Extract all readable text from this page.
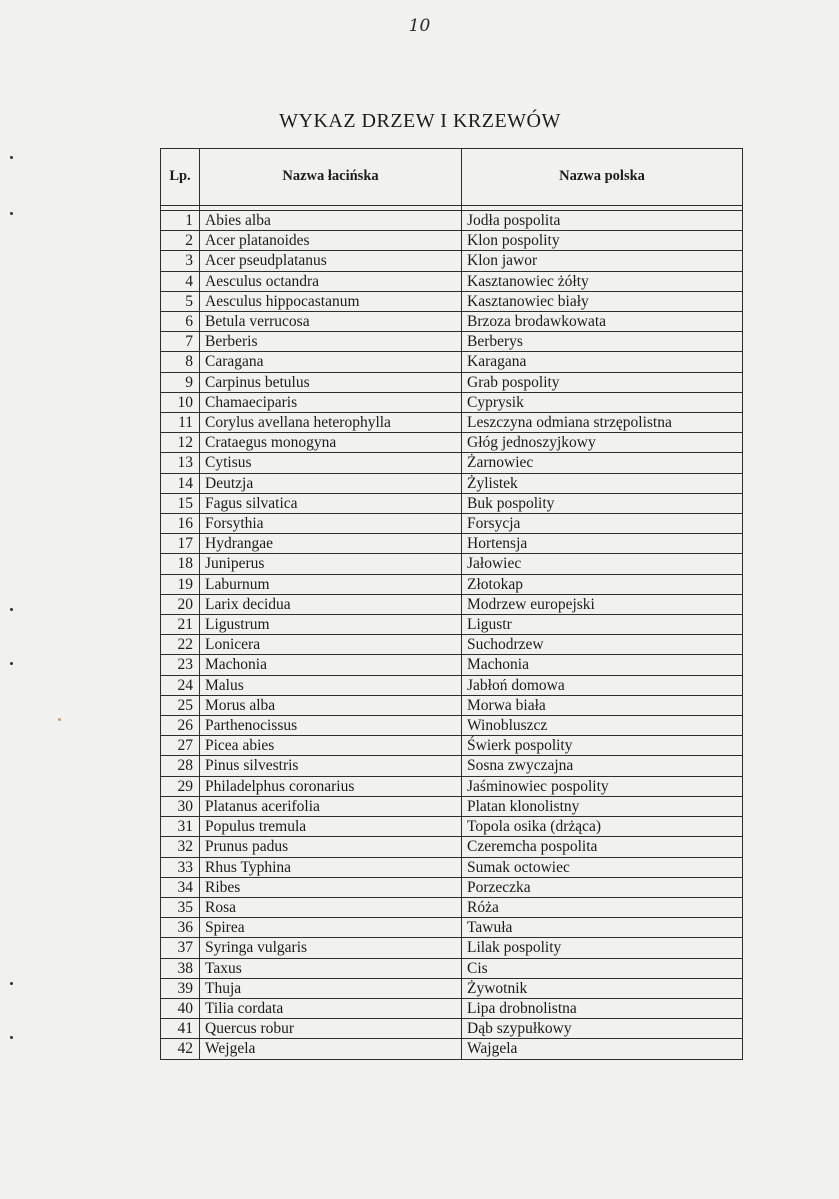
10
WYKAZ DRZEW I KRZEWÓW
Lp.	Nazwa łacińska	Nazwa polska

1	Abies alba	Jodła pospolita
2	Acer platanoides	Klon pospolity
3	Acer pseudplatanus	Klon jawor
4	Aesculus octandra	Kasztanowiec żółty
5	Aesculus hippocastanum	Kasztanowiec biały
6	Betula verrucosa	Brzoza brodawkowata
7	Berberis	Berberys
8	Caragana	Karagana
9	Carpinus betulus	Grab pospolity
10	Chamaeciparis	Cyprysik
11	Corylus avellana heterophylla	Leszczyna odmiana strzępolistna
12	Crataegus monogyna	Głóg jednoszyjkowy
13	Cytisus	Żarnowiec
14	Deutzja	Żylistek
15	Fagus silvatica	Buk pospolity
16	Forsythia	Forsycja
17	Hydrangae	Hortensja
18	Juniperus	Jałowiec
19	Laburnum	Złotokap
20	Larix decidua	Modrzew europejski
21	Ligustrum	Ligustr
22	Lonicera	Suchodrzew
23	Machonia	Machonia
24	Malus	Jabłoń domowa
25	Morus alba	Morwa biała
26	Parthenocissus	Winobluszcz
27	Picea abies	Świerk pospolity
28	Pinus silvestris	Sosna zwyczajna
29	Philadelphus coronarius	Jaśminowiec pospolity
30	Platanus acerifolia	Platan klonolistny
31	Populus tremula	Topola osika (drżąca)
32	Prunus padus	Czeremcha pospolita
33	Rhus Typhina	Sumak octowiec
34	Ribes	Porzeczka
35	Rosa	Róża
36	Spirea	Tawuła
37	Syringa vulgaris	Lilak pospolity
38	Taxus	Cis
39	Thuja	Żywotnik
40	Tilia cordata	Lipa drobnolistna
41	Quercus robur	Dąb szypułkowy
42	Wejgela	Wajgela
